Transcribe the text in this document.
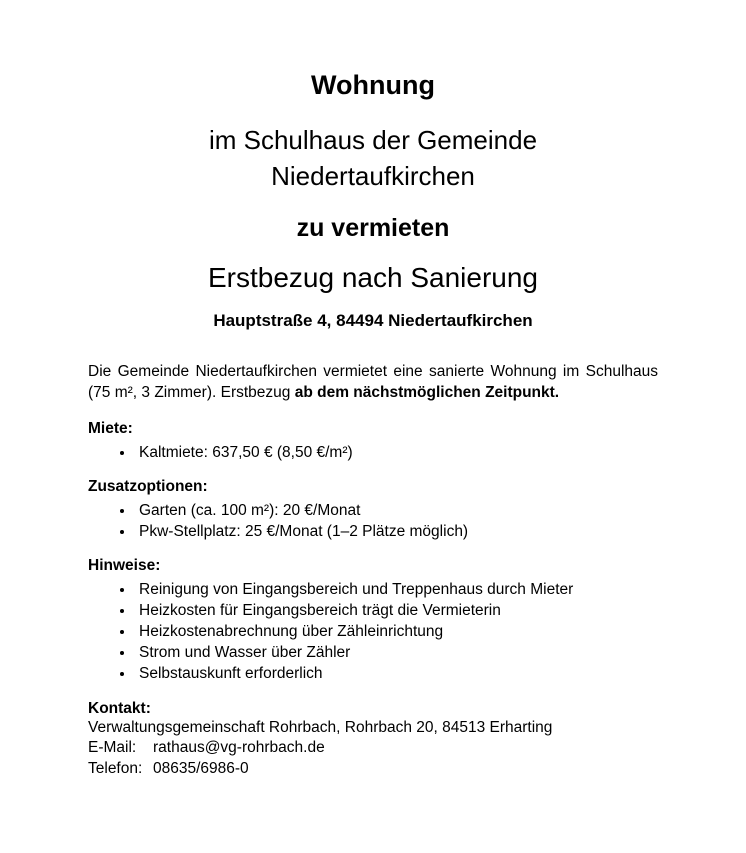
Wohnung
im Schulhaus der Gemeinde
Niedertaufkirchen
zu vermieten
Erstbezug nach Sanierung
Hauptstraße 4, 84494 Niedertaufkirchen

Die Gemeinde Niedertaufkirchen vermietet eine sanierte Wohnung im Schulhaus (75 m², 3 Zimmer). Erstbezug ab dem nächstmöglichen Zeitpunkt.

Miete:
• Kaltmiete: 637,50 € (8,50 €/m²)
Zusatzoptionen:
• Garten (ca. 100 m²): 20 €/Monat
• Pkw-Stellplatz: 25 €/Monat (1–2 Plätze möglich)
Hinweise:
• Reinigung von Eingangsbereich und Treppenhaus durch Mieter
• Heizkosten für Eingangsbereich trägt die Vermieterin
• Heizkostenabrechnung über Zähleinrichtung
• Strom und Wasser über Zähler
• Selbstauskunft erforderlich
Kontakt:
Verwaltungsgemeinschaft Rohrbach, Rohrbach 20, 84513 Erharting
E-Mail: rathaus@vg-rohrbach.de
Telefon: 08635/6986-0
